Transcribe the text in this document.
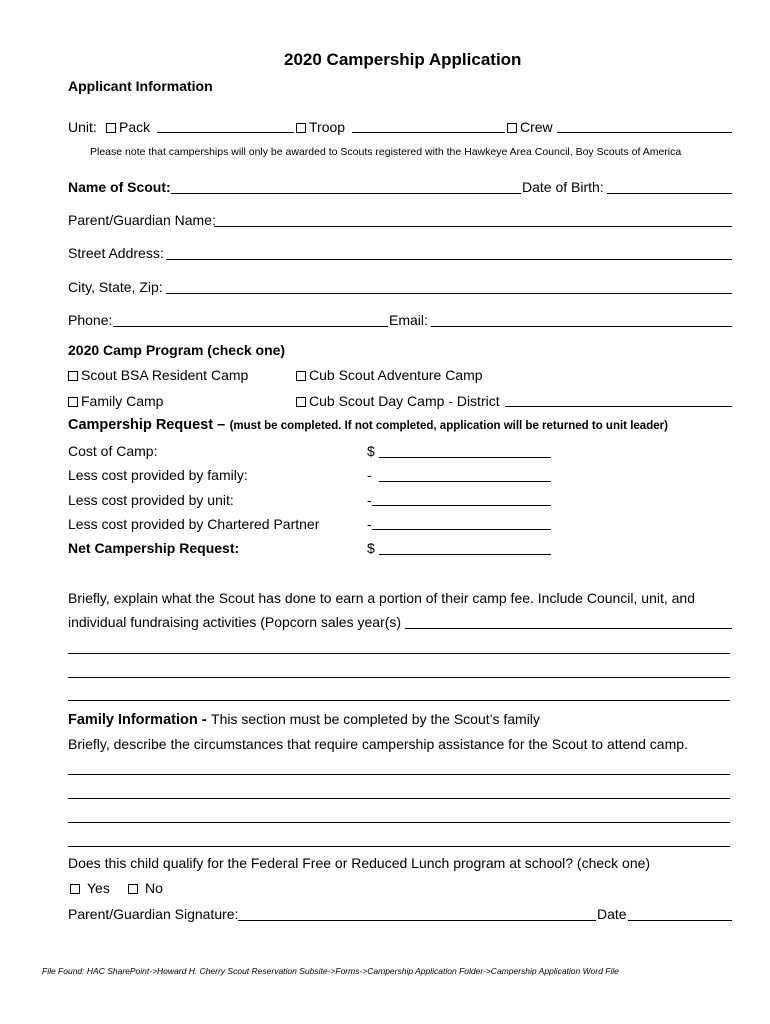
2020 Campership Application
Applicant Information
Unit:	Pack	Troop	Crew
Please note that camperships will only be awarded to Scouts registered with the Hawkeye Area Council, Boy Scouts of America
Name of Scout:	Date of Birth:
Parent/Guardian Name:
Street Address:
City, State, Zip:
Phone:	Email:
2020 Camp Program (check one)
Scout BSA Resident Camp	Cub Scout Adventure Camp
Family Camp	Cub Scout Day Camp - District
Campership Request – (must be completed. If not completed, application will be returned to unit leader)
Cost of Camp:	$
Less cost provided by family:	-
Less cost provided by unit:	-
Less cost provided by Chartered Partner	-
Net Campership Request:	$
Briefly, explain what the Scout has done to earn a portion of their camp fee. Include Council, unit, and
individual fundraising activities (Popcorn sales year(s)
Family Information - This section must be completed by the Scout’s family
Briefly, describe the circumstances that require campership assistance for the Scout to attend camp.
Does this child qualify for the Federal Free or Reduced Lunch program at school? (check one)
Yes	No
Parent/Guardian Signature:	Date
File Found: HAC SharePoint->Howard H. Cherry Scout Reservation Subsite->Forms->Campership Application Folder->Campership Application Word File
